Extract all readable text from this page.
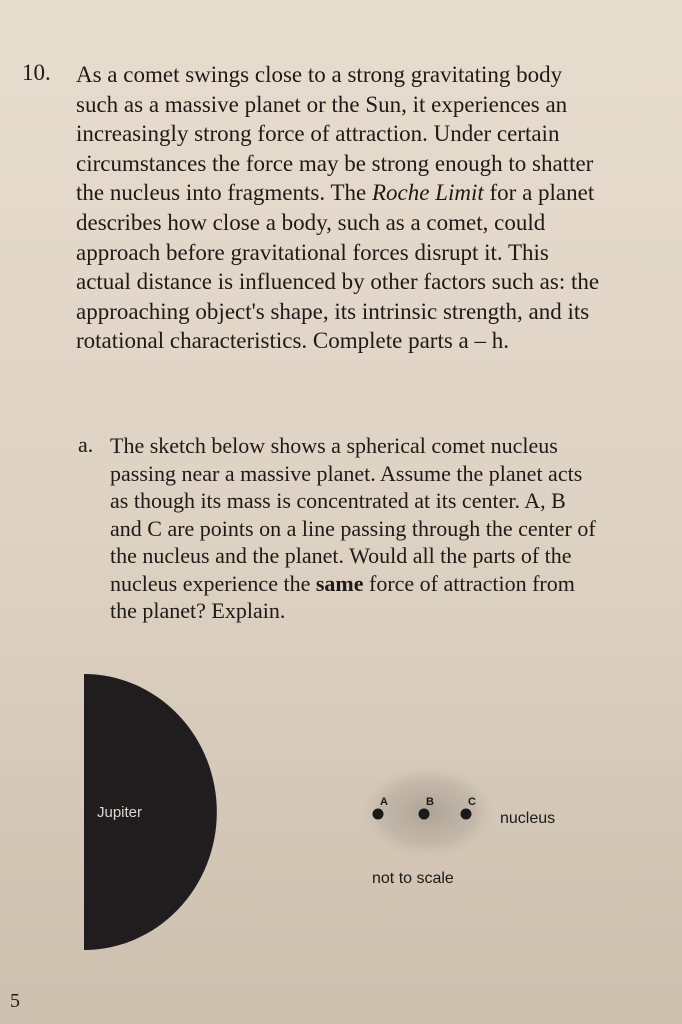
10. As a comet swings close to a strong gravitating body such as a massive planet or the Sun, it experiences an increasingly strong force of attraction. Under certain circumstances the force may be strong enough to shatter the nucleus into fragments. The Roche Limit for a planet describes how close a body, such as a comet, could approach before gravitational forces disrupt it. This actual distance is influenced by other factors such as: the approaching object's shape, its intrinsic strength, and its rotational characteristics. Complete parts a – h.

a. The sketch below shows a spherical comet nucleus passing near a massive planet. Assume the planet acts as though its mass is concentrated at its center. A, B and C are points on a line passing through the center of the nucleus and the planet. Would all the parts of the nucleus experience the same force of attraction from the planet? Explain.

Jupiter
A	B	C
nucleus
not to scale
5
